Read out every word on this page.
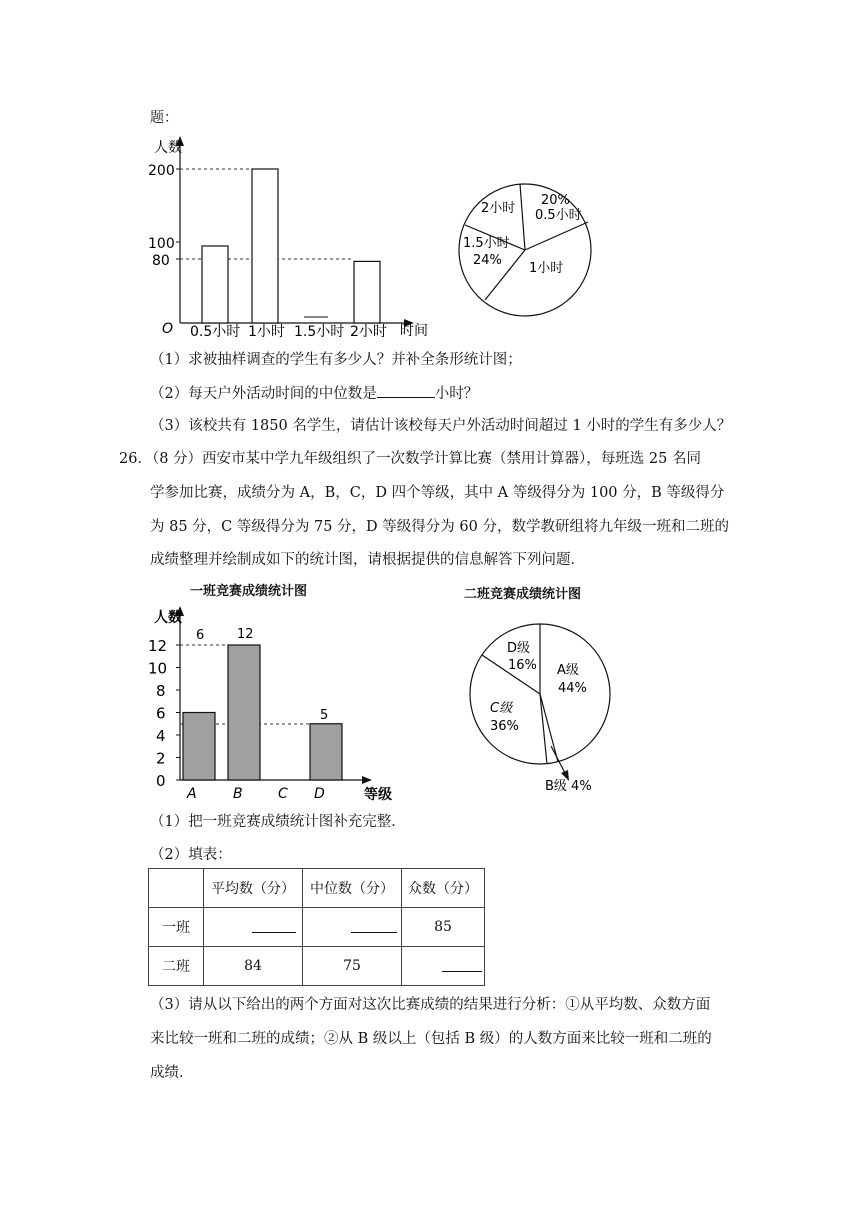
题：
人数
时间
O
200
100
80
0.5小时 1小时 1.5小时 2小时
2小时
20%
0.5小时
1.5小时
24%
1小时
（1）求被抽样调查的学生有多少人？并补全条形统计图；
（2）每天户外活动时间的中位数是	小时？
（3）该校共有 1850 名学生，请估计该校每天户外活动时间超过 1 小时的学生有多少人？
26．（8 分）西安市某中学九年级组织了一次数学计算比赛（禁用计算器），每班选 25 名同
学参加比赛，成绩分为 A，B，C，D 四个等级，其中 A 等级得分为 100 分，B 等级得分
为 85 分，C 等级得分为 75 分，D 等级得分为 60 分，数学教研组将九年级一班和二班的
成绩整理并绘制成如下的统计图，请根据提供的信息解答下列问题．
一班竞赛成绩统计图
人数
等级
12
10
8
6
4
2
0
6	12
5
A	B	C D
二班竞赛成绩统计图
D级
16% A级
44%
C级
36%
B级 4%
（1）把一班竞赛成绩统计图补充完整．
（2）填表：
	平均数（分）	中位数（分）	众数（分）
一班			85
二班	84	75	
（3）请从以下给出的两个方面对这次比赛成绩的结果进行分析：①从平均数、众数方面
来比较一班和二班的成绩；②从 B 级以上（包括 B 级）的人数方面来比较一班和二班的
成绩．
